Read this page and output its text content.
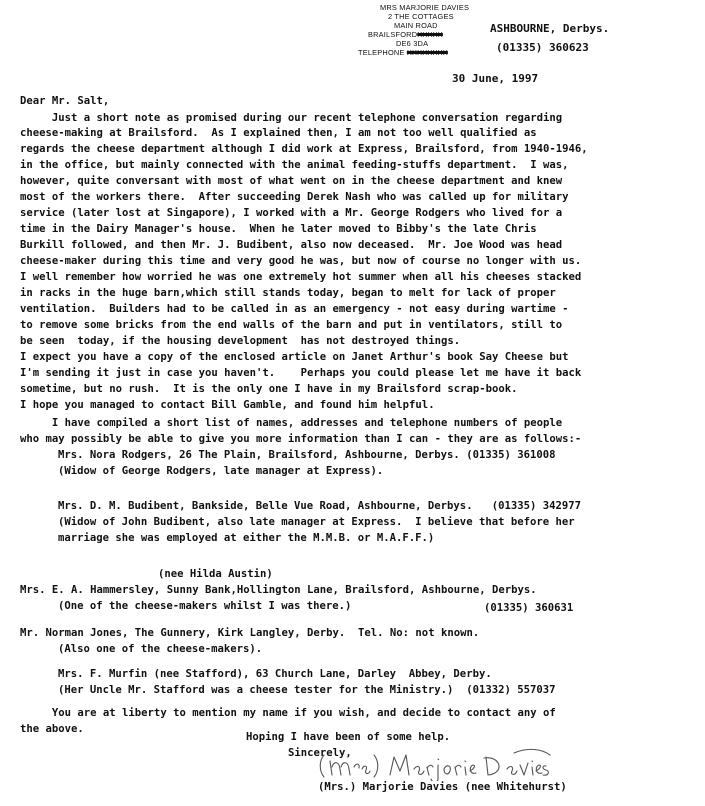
MRS MARJORIE DAVIES
2 THE COTTAGES
MAIN ROAD
BRAILSFORDXXXXX
DE6 3DA
TELEPHONE XXXXXXXX
ASHBOURNE, Derbys.
(01335) 360623
30 June, 1997
Dear Mr. Salt,
Just a short note as promised during our recent telephone conversation regarding
cheese-making at Brailsford.  As I explained then, I am not too well qualified as
regards the cheese department although I did work at Express, Brailsford, from 1940-1946,
in the office, but mainly connected with the animal feeding-stuffs department.  I was,
however, quite conversant with most of what went on in the cheese department and knew
most of the workers there.  After succeeding Derek Nash who was called up for military
service (later lost at Singapore), I worked with a Mr. George Rodgers who lived for a
time in the Dairy Manager's house.  When he later moved to Bibby's the late Chris
Burkill followed, and then Mr. J. Budibent, also now deceased.  Mr. Joe Wood was head
cheese-maker during this time and very good he was, but now of course no longer with us.
I well remember how worried he was one extremely hot summer when all his cheeses stacked
in racks in the huge barn,which still stands today, began to melt for lack of proper
ventilation.  Builders had to be called in as an emergency - not easy during wartime -
to remove some bricks from the end walls of the barn and put in ventilators, still to
be seen  today, if the housing development  has not destroyed things.
I expect you have a copy of the enclosed article on Janet Arthur's book Say Cheese but
I'm sending it just in case you haven't.    Perhaps you could please let me have it back
sometime, but no rush.  It is the only one I have in my Brailsford scrap-book.
I hope you managed to contact Bill Gamble, and found him helpful.
I have compiled a short list of names, addresses and telephone numbers of people
who may possibly be able to give you more information than I can - they are as follows:-
Mrs. Nora Rodgers, 26 The Plain, Brailsford, Ashbourne, Derbys. (01335) 361008
(Widow of George Rodgers, late manager at Express).
Mrs. D. M. Budibent, Bankside, Belle Vue Road, Ashbourne, Derbys.   (01335) 342977
(Widow of John Budibent, also late manager at Express.  I believe that before her
marriage she was employed at either the M.M.B. or M.A.F.F.)
(nee Hilda Austin)
Mrs. E. A. Hammersley, Sunny Bank,Hollington Lane, Brailsford, Ashbourne, Derbys.
(One of the cheese-makers whilst I was there.)	(01335) 360631
Mr. Norman Jones, The Gunnery, Kirk Langley, Derby.  Tel. No: not known.
(Also one of the cheese-makers).
Mrs. F. Murfin (nee Stafford), 63 Church Lane, Darley  Abbey, Derby.
(Her Uncle Mr. Stafford was a cheese tester for the Ministry.)  (01332) 557037
You are at liberty to mention my name if you wish, and decide to contact any of
the above.
Hoping I have been of some help.
Sincerely,
(Mrs.) Marjorie Davies (nee Whitehurst)
